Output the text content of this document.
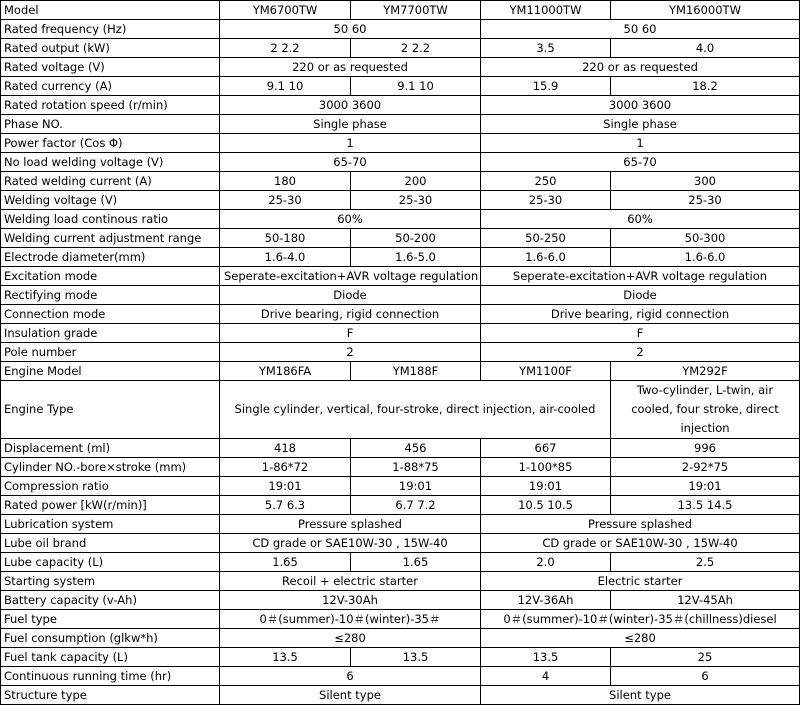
Model	YM6700TW	YM7700TW	YM11000TW	YM16000TW
Rated frequency (Hz)	50 60		50 60	
Rated output (kW)	2 2.2	2 2.2	3.5	4.0
Rated voltage (V)	220 or as requested		220 or as requested	
Rated currency (A)	9.1 10	9.1 10	15.9	18.2
Rated rotation speed (r/min)	3000 3600		3000 3600	
Phase NO.	Single phase		Single phase	
Power factor (Cos Φ)	1		1	
No load welding voltage (V)	65-70		65-70	
Rated welding current (A)	180	200	250	300
Welding voltage (V)	25-30	25-30	25-30	25-30
Welding load continous ratio	60%		60%	
Welding current adjustment range	50-180	50-200	50-250	50-300
Electrode diameter(mm)	1.6-4.0	1.6-5.0	1.6-6.0	1.6-6.0
Excitation mode	Seperate-excitation+AVR voltage regulation		Seperate-excitation+AVR voltage regulation	
Rectifying mode	Diode		Diode	
Connection mode	Drive bearing, rigid connection		Drive bearing, rigid connection	
Insulation grade	F		F	
Pole number	2		2	
Engine Model	YM186FA	YM188F	YM1100F	YM292F
Engine Type	Single cylinder, vertical, four-stroke, direct injection, air-cooled			Two-cylinder, L-twin, air cooled, four stroke, direct injection
Displacement (ml)	418	456	667	996
Cylinder NO.-bore×stroke (mm)	1-86*72	1-88*75	1-100*85	2-92*75
Compression ratio	19:01	19:01	19:01	19:01
Rated power [kW(r/min)]	5.7 6.3	6.7 7.2	10.5 10.5	13.5 14.5
Lubrication system	Pressure splashed		Pressure splashed	
Lube oil brand	CD grade or SAE10W-30 , 15W-40		CD grade or SAE10W-30 , 15W-40	
Lube capacity (L)	1.65	1.65	2.0	2.5
Starting system	Recoil + electric starter		Electric starter	
Battery capacity (v-Ah)	12V-30Ah		12V-36Ah	12V-45Ah
Fuel type	0＃(summer)-10＃(winter)-35＃		0＃(summer)-10＃(winter)-35＃(chillness)diesel	
Fuel consumption (glkw*h)	≤280		≤280	
Fuel tank capacity (L)	13.5	13.5	13.5	25
Continuous running time (hr)	6		4	6
Structure type	Silent type		Silent type	
